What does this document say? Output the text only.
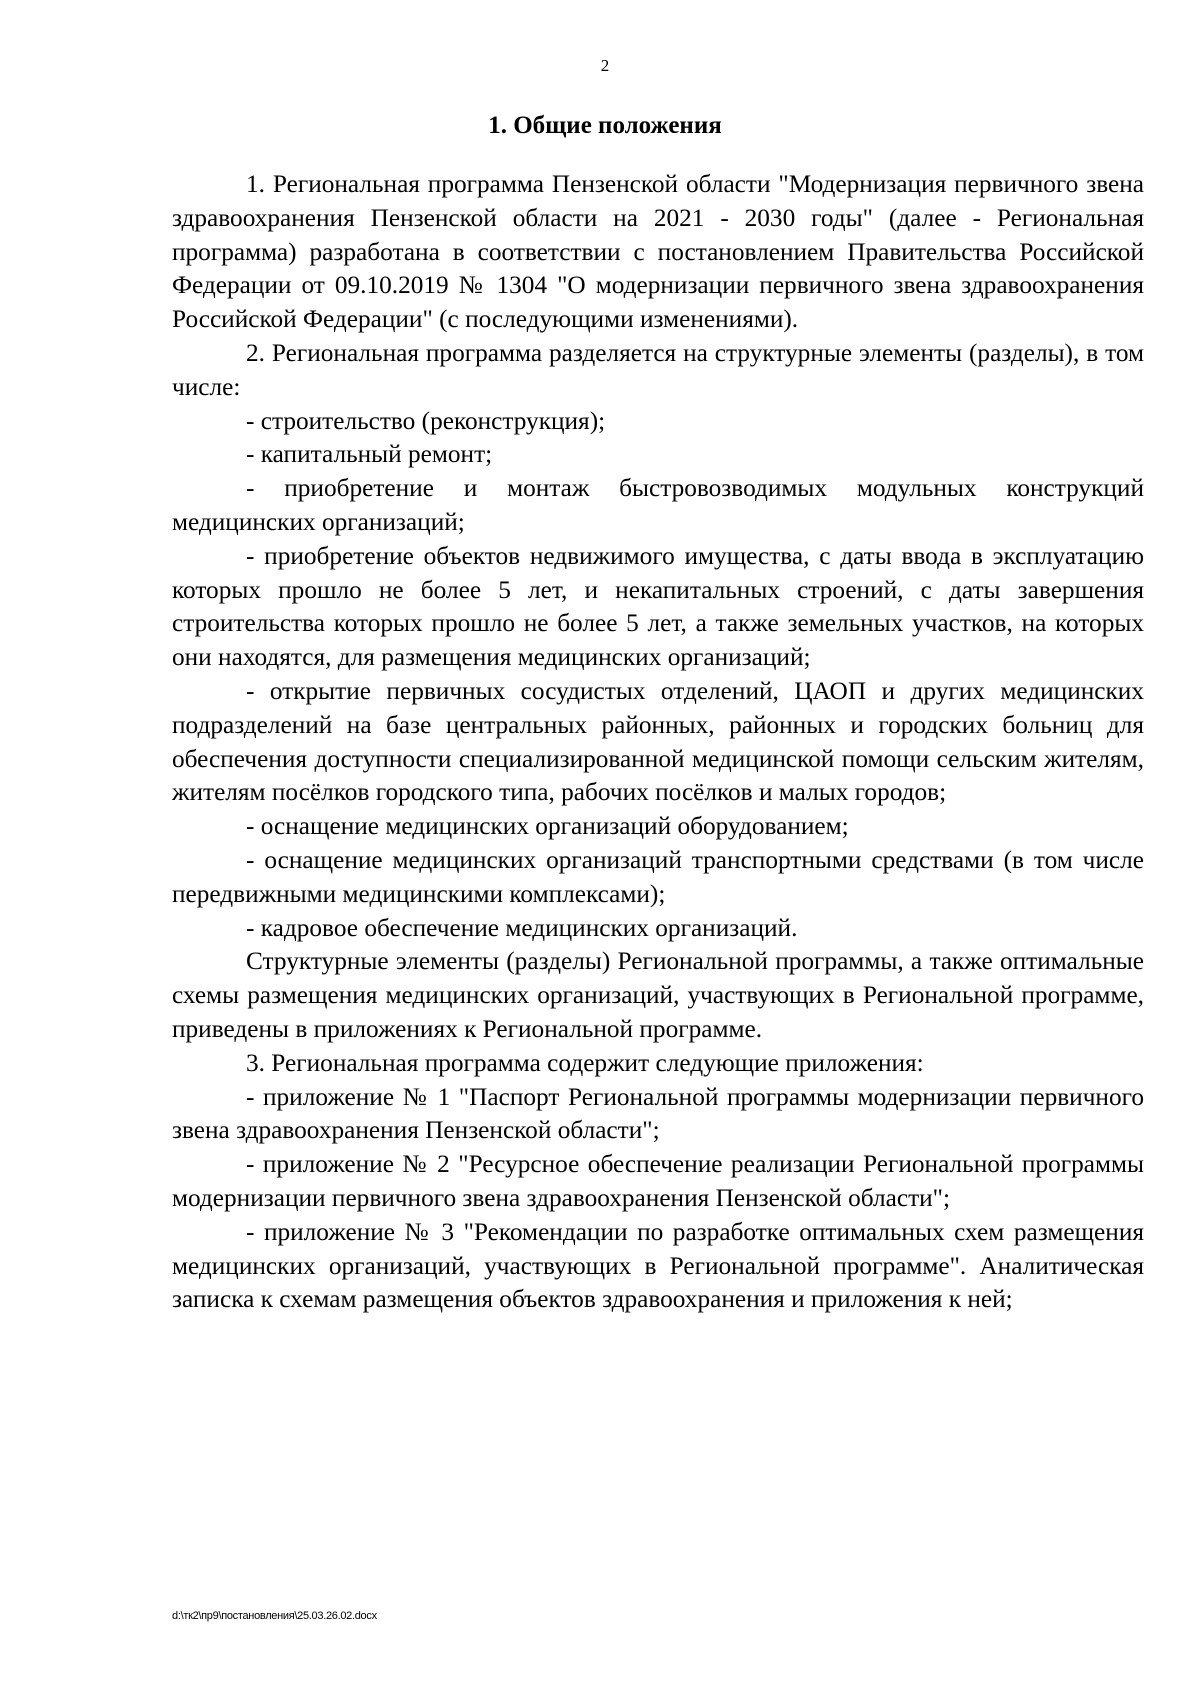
2
1. Общие положения

1. Региональная программа Пензенской области "Модернизация первичного звена здравоохранения Пензенской области на 2021 - 2030 годы" (далее - Региональная программа) разработана в соответствии с постановлением Правительства Российской Федерации от 09.10.2019 № 1304 "О модернизации первичного звена здравоохранения Российской Федерации" (с последующими изменениями).

2. Региональная программа разделяется на структурные элементы (разделы), в том числе:

- строительство (реконструкция);

- капитальный ремонт;

- приобретение и монтаж быстровозводимых модульных конструкций медицинских организаций;

- приобретение объектов недвижимого имущества, с даты ввода в эксплуатацию которых прошло не более 5 лет, и некапитальных строений, с даты завершения строительства которых прошло не более 5 лет, а также земельных участков, на которых они находятся, для размещения медицинских организаций;

- открытие первичных сосудистых отделений, ЦАОП и других медицинских подразделений на базе центральных районных, районных и городских больниц для обеспечения доступности специализированной медицинской помощи сельским жителям, жителям посёлков городского типа, рабочих посёлков и малых городов;

- оснащение медицинских организаций оборудованием;

- оснащение медицинских организаций транспортными средствами (в том числе передвижными медицинскими комплексами);

- кадровое обеспечение медицинских организаций.

Структурные элементы (разделы) Региональной программы, а также оптимальные схемы размещения медицинских организаций, участвующих в Региональной программе, приведены в приложениях к Региональной программе.

3. Региональная программа содержит следующие приложения:

- приложение № 1 "Паспорт Региональной программы модернизации первичного звена здравоохранения Пензенской области";

- приложение № 2 "Ресурсное обеспечение реализации Региональной программы модернизации первичного звена здравоохранения Пензенской области";

- приложение № 3 "Рекомендации по разработке оптимальных схем размещения медицинских организаций, участвующих в Региональной программе". Аналитическая записка к схемам размещения объектов здравоохранения и приложения к ней;

d:\тк2\пр9\постановления\25.03.26.02.docx
